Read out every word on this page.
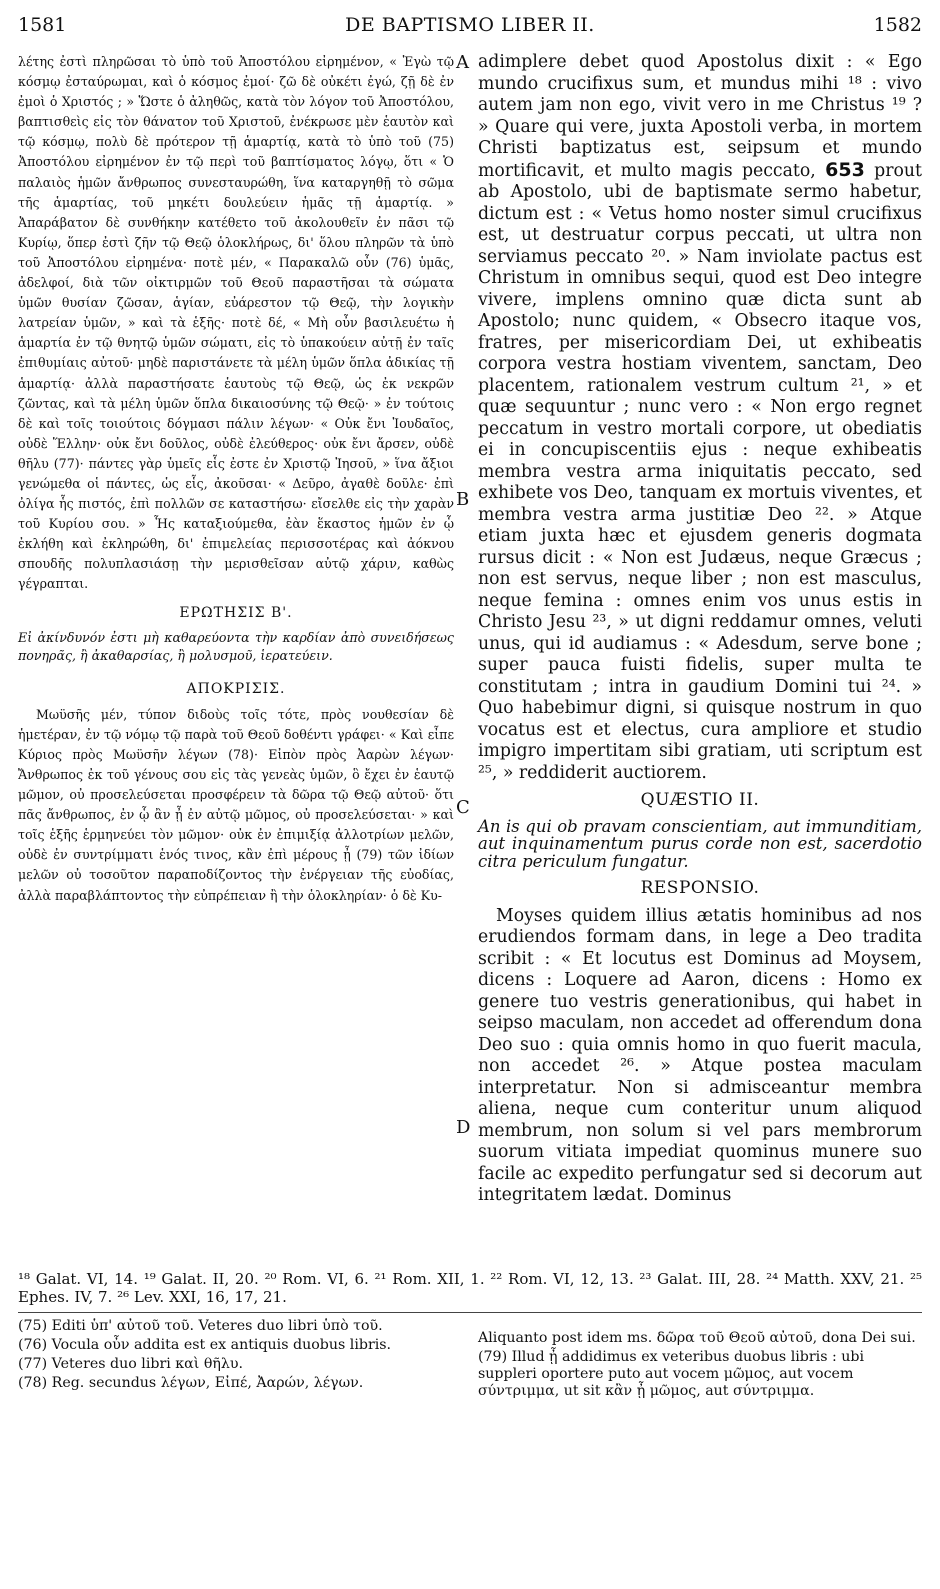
1581	DE BAPTISMO LIBER II.	1582
A
B
C
D

λέτης ἐστὶ πληρῶσαι τὸ ὑπὸ τοῦ Ἀποστόλου εἰρημένον, « Ἐγὼ τῷ κόσμῳ ἐσταύρωμαι, καὶ ὁ κόσμος ἐμοί· ζῶ δὲ οὐκέτι ἐγώ, ζῇ δὲ ἐν ἐμοὶ ὁ Χριστός ; » Ὥστε ὁ ἀληθῶς, κατὰ τὸν λόγον τοῦ Ἀποστόλου, βαπτισθεὶς εἰς τὸν θάνατον τοῦ Χριστοῦ, ἐνέκρωσε μὲν ἑαυτὸν καὶ τῷ κόσμῳ, πολὺ δὲ πρότερον τῇ ἁμαρτίᾳ, κατὰ τὸ ὑπὸ τοῦ (75) Ἀποστόλου εἰρημένον ἐν τῷ περὶ τοῦ βαπτίσματος λόγῳ, ὅτι « Ὁ παλαιὸς ἡμῶν ἄνθρωπος συνεσταυρώθη, ἵνα καταργηθῇ τὸ σῶμα τῆς ἁμαρτίας, τοῦ μηκέτι δουλεύειν ἡμᾶς τῇ ἁμαρτίᾳ. » Ἀπαράβατον δὲ συνθήκην κατέθετο τοῦ ἀκολουθεῖν ἐν πᾶσι τῷ Κυρίῳ, ὅπερ ἐστὶ ζῆν τῷ Θεῷ ὁλοκλήρως, δι' ὅλου πληρῶν τὰ ὑπὸ τοῦ Ἀποστόλου εἰρημένα· ποτὲ μέν, « Παρακαλῶ οὖν (76) ὑμᾶς, ἀδελφοί, διὰ τῶν οἰκτιρμῶν τοῦ Θεοῦ παραστῆσαι τὰ σώματα ὑμῶν θυσίαν ζῶσαν, ἁγίαν, εὐάρεστον τῷ Θεῷ, τὴν λογικὴν λατρείαν ὑμῶν, » καὶ τὰ ἑξῆς· ποτὲ δέ, « Μὴ οὖν βασιλευέτω ἡ ἁμαρτία ἐν τῷ θνητῷ ὑμῶν σώματι, εἰς τὸ ὑπακούειν αὐτῇ ἐν ταῖς ἐπιθυμίαις αὐτοῦ· μηδὲ παριστάνετε τὰ μέλη ὑμῶν ὅπλα ἀδικίας τῇ ἁμαρτίᾳ· ἀλλὰ παραστήσατε ἑαυτοὺς τῷ Θεῷ, ὡς ἐκ νεκρῶν ζῶντας, καὶ τὰ μέλη ὑμῶν ὅπλα δικαιοσύνης τῷ Θεῷ· » ἐν τούτοις δὲ καὶ τοῖς τοιούτοις δόγμασι πάλιν λέγων· « Οὐκ ἔνι Ἰουδαῖος, οὐδὲ Ἕλλην· οὐκ ἔνι δοῦλος, οὐδὲ ἐλεύθερος· οὐκ ἔνι ἄρσεν, οὐδὲ θῆλυ (77)· πάντες γὰρ ὑμεῖς εἷς ἐστε ἐν Χριστῷ Ἰησοῦ, » ἵνα ἄξιοι γενώμεθα οἱ πάντες, ὡς εἷς, ἀκοῦσαι· « Δεῦρο, ἀγαθὲ δοῦλε· ἐπὶ ὀλίγα ἧς πιστός, ἐπὶ πολλῶν σε καταστήσω· εἴσελθε εἰς τὴν χαρὰν τοῦ Κυρίου σου. » Ἧς καταξιούμεθα, ἐὰν ἕκαστος ἡμῶν ἐν ᾧ ἐκλήθη καὶ ἐκληρώθη, δι' ἐπιμελείας περισσοτέρας καὶ ἀόκνου σπουδῆς πολυπλασιάσῃ τὴν μερισθεῖσαν αὐτῷ χάριν, καθὼς γέγραπται.

ΕΡΩΤΗΣΙΣ Β'.

Εἰ ἀκίνδυνόν ἐστι μὴ καθαρεύοντα τὴν καρδίαν ἀπὸ συνειδήσεως πονηρᾶς, ἢ ἀκαθαρσίας, ἢ μολυσμοῦ, ἱερατεύειν.

ΑΠΟΚΡΙΣΙΣ.

Μωϋσῆς μέν, τύπον διδοὺς τοῖς τότε, πρὸς νουθεσίαν δὲ ἡμετέραν, ἐν τῷ νόμῳ τῷ παρὰ τοῦ Θεοῦ δοθέντι γράφει· « Καὶ εἶπε Κύριος πρὸς Μωϋσῆν λέγων (78)· Εἰπὸν πρὸς Ἀαρὼν λέγων· Ἄνθρωπος ἐκ τοῦ γένους σου εἰς τὰς γενεὰς ὑμῶν, ὃ ἔχει ἐν ἑαυτῷ μῶμον, οὐ προσελεύσεται προσφέρειν τὰ δῶρα τῷ Θεῷ αὐτοῦ· ὅτι πᾶς ἄνθρωπος, ἐν ᾧ ἂν ᾖ ἐν αὐτῷ μῶμος, οὐ προσελεύσεται· » καὶ τοῖς ἑξῆς ἑρμηνεύει τὸν μῶμον· οὐκ ἐν ἐπιμιξίᾳ ἀλλοτρίων μελῶν, οὐδὲ ἐν συντρίμματι ἑνός τινος, κἂν ἐπὶ μέρους ᾖ (79) τῶν ἰδίων μελῶν οὐ τοσοῦτον παραποδίζοντος τὴν ἐνέργειαν τῆς εὐοδίας, ἀλλὰ παραβλάπτοντος τὴν εὐπρέπειαν ἢ τὴν ὁλοκληρίαν· ὁ δὲ Κυ-

adimplere debet quod Apostolus dixit : « Ego mundo crucifixus sum, et mundus mihi ¹⁸ : vivo autem jam non ego, vivit vero in me Christus ¹⁹ ? » Quare qui vere, juxta Apostoli verba, in mortem Christi baptizatus est, seipsum et mundo mortificavit, et multo magis peccato, 653 prout ab Apostolo, ubi de baptismate sermo habetur, dictum est : « Vetus homo noster simul crucifixus est, ut destruatur corpus peccati, ut ultra non serviamus peccato ²⁰. » Nam inviolate pactus est Christum in omnibus sequi, quod est Deo integre vivere, implens omnino quæ dicta sunt ab Apostolo; nunc quidem, « Obsecro itaque vos, fratres, per misericordiam Dei, ut exhibeatis corpora vestra hostiam viventem, sanctam, Deo placentem, rationalem vestrum cultum ²¹, » et quæ sequuntur ; nunc vero : « Non ergo regnet peccatum in vestro mortali corpore, ut obediatis ei in concupiscentiis ejus : neque exhibeatis membra vestra arma iniquitatis peccato, sed exhibete vos Deo, tanquam ex mortuis viventes, et membra vestra arma justitiæ Deo ²². » Atque etiam juxta hæc et ejusdem generis dogmata rursus dicit : « Non est Judæus, neque Græcus ; non est servus, neque liber ; non est masculus, neque femina : omnes enim vos unus estis in Christo Jesu ²³, » ut digni reddamur omnes, veluti unus, qui id audiamus : « Adesdum, serve bone ; super pauca fuisti fidelis, super multa te constitutam ; intra in gaudium Domini tui ²⁴. » Quo habebimur digni, si quisque nostrum in quo vocatus est et electus, cura ampliore et studio impigro impertitam sibi gratiam, uti scriptum est ²⁵, » reddiderit auctiorem.

QUÆSTIO II.

An is qui ob pravam conscientiam, aut immunditiam, aut inquinamentum purus corde non est, sacerdotio citra periculum fungatur.

RESPONSIO.

Moyses quidem illius ætatis hominibus ad nos erudiendos formam dans, in lege a Deo tradita scribit : « Et locutus est Dominus ad Moysem, dicens : Loquere ad Aaron, dicens : Homo ex genere tuo vestris generationibus, qui habet in seipso maculam, non accedet ad offerendum dona Deo suo : quia omnis homo in quo fuerit macula, non accedet ²⁶. » Atque postea maculam interpretatur. Non si admisceantur membra aliena, neque cum conteritur unum aliquod membrum, non solum si vel pars membrorum suorum vitiata impediat quominus munere suo facile ac expedito perfungatur sed si decorum aut integritatem lædat. Dominus

¹⁸ Galat. VI, 14. ¹⁹ Galat. II, 20. ²⁰ Rom. VI, 6. ²¹ Rom. XII, 1. ²² Rom. VI, 12, 13. ²³ Galat. III, 28. ²⁴ Matth. XXV, 21. ²⁵ Ephes. IV, 7. ²⁶ Lev. XXI, 16, 17, 21.

(75) Editi ὑπ' αὐτοῦ τοῦ. Veteres duo libri ὑπὸ τοῦ.

(76) Vocula οὖν addita est ex antiquis duobus libris.

(77) Veteres duo libri καὶ θῆλυ.

(78) Reg. secundus λέγων, Εἰπέ, Ἀαρών, λέγων.

Aliquanto post idem ms. δῶρα τοῦ Θεοῦ αὐτοῦ, dona Dei sui.

(79) Illud ᾖ addidimus ex veteribus duobus libris : ubi suppleri oportere puto aut vocem μῶμος, aut vocem σύντριμμα, ut sit κἂν ᾖ μῶμος, aut σύντριμμα.
